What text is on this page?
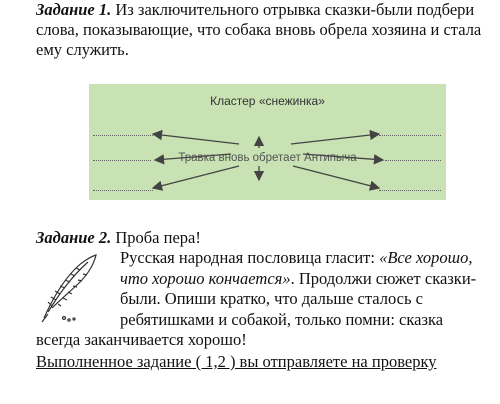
Задание 1. Из заключительного отрывка сказки-были подбери слова, показывающие, что собака вновь обрела хозяина и стала ему служить.
Кластер «снежинка»
Травка вновь обретает Антипыча
Задание 2. Проба пера!
Русская народная пословица гласит: «Все хорошо, что хорошо кончается». Продолжи сюжет сказки-были. Опиши кратко, что дальше сталось с ребятишками и собакой, только помни: сказка
всегда заканчивается хорошо!
Выполненное задание ( 1,2 ) вы отправляете на проверку
